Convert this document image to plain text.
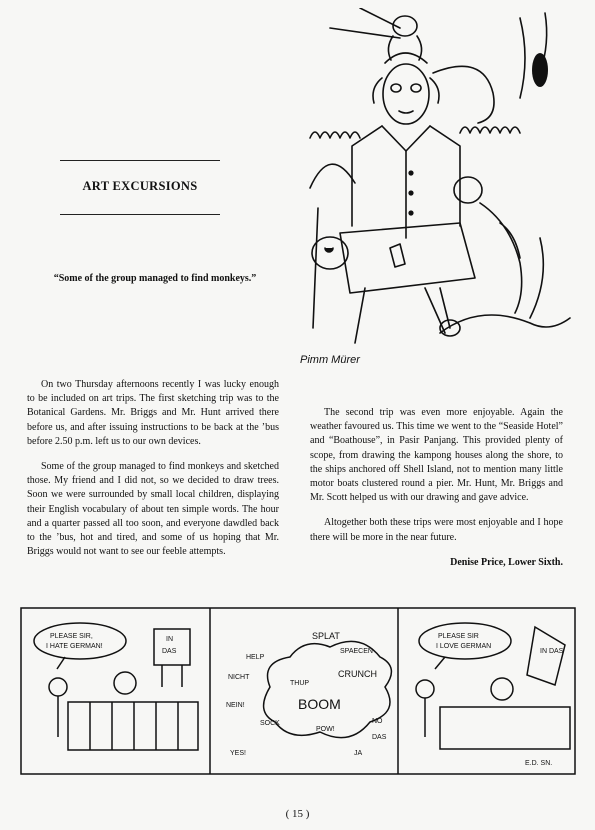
ART EXCURSIONS
“Some of the group managed to find monkeys.”
Pimm Mürer

On two Thursday afternoons recently I was lucky enough to be included on art trips. The first sketching trip was to the Botanical Gardens. Mr. Briggs and Mr. Hunt arrived there before us, and after issuing instructions to be back at the ’bus before 2.50 p.m. left us to our own devices.

Some of the group managed to find monkeys and sketched those. My friend and I did not, so we decided to draw trees. Soon we were surrounded by small local children, displaying their English vocabulary of about ten simple words. The hour and a quarter passed all too soon, and everyone dawdled back to the ’bus, hot and tired, and some of us hoping that Mr. Briggs would not want to see our feeble attempts.

The second trip was even more enjoyable. Again the weather favoured us. This time we went to the “Seaside Hotel” and “Boathouse”, in Pasir Panjang. This provided plenty of scope, from drawing the kampong houses along the shore, to the ships anchored off Shell Island, not to mention many little motor boats clustered round a pier. Mr. Hunt, Mr. Briggs and Mr. Scott helped us with our drawing and gave advice.

Altogether both these trips were most enjoyable and I hope there will be more in the near future.

Denise Price, Lower Sixth.
PLEASE SIR,
I HATE GERMAN!
IN
DAS
SPLAT
HELP
NICHT
NEIN!
THUP
CRUNCH
BOOM
SOCK
POW!
SPAECEN
NO
DAS
YES!	JA
PLEASE SIR
I LOVE GERMAN
IN DAS
E.D. SN.
( 15 )
